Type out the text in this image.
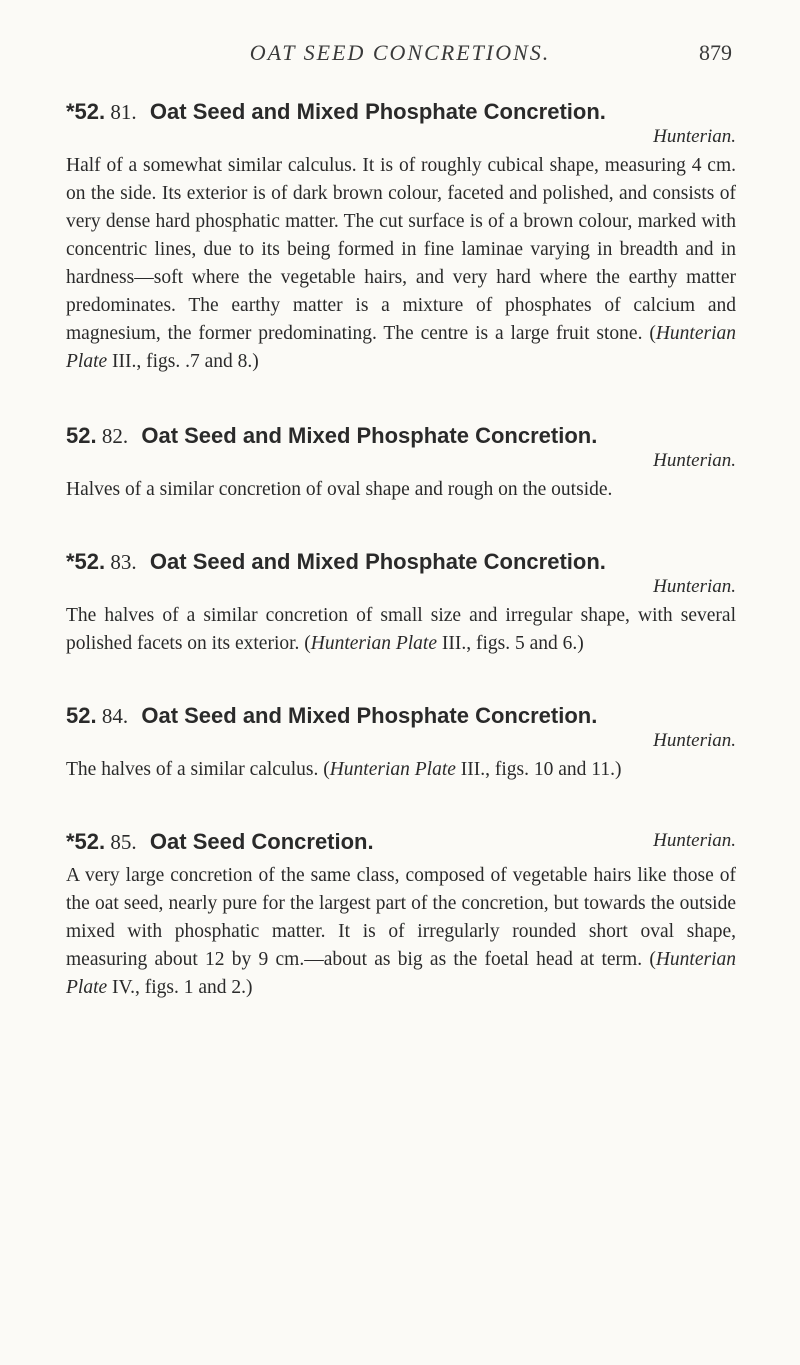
OAT SEED CONCRETIONS.	879
*52. 81. Oat Seed and Mixed Phosphate Concretion.
Hunterian.
Half of a somewhat similar calculus. It is of roughly cubical shape, measuring 4 cm. on the side. Its exterior is of dark brown colour, faceted and polished, and consists of very dense hard phosphatic matter. The cut surface is of a brown colour, marked with concentric lines, due to its being formed in fine laminae varying in breadth and in hardness—soft where the vegetable hairs, and very hard where the earthy matter predominates. The earthy matter is a mixture of phosphates of calcium and magnesium, the former predominating. The centre is a large fruit stone. (Hunterian Plate III., figs. .7 and 8.)
52. 82. Oat Seed and Mixed Phosphate Concretion.
Hunterian.
Halves of a similar concretion of oval shape and rough on the outside.
*52. 83. Oat Seed and Mixed Phosphate Concretion.
Hunterian.
The halves of a similar concretion of small size and irregular shape, with several polished facets on its exterior. (Hunterian Plate III., figs. 5 and 6.)
52. 84. Oat Seed and Mixed Phosphate Concretion.
Hunterian.
The halves of a similar calculus. (Hunterian Plate III., figs. 10 and 11.)
*52. 85. Oat Seed Concretion.	Hunterian.
A very large concretion of the same class, composed of vegetable hairs like those of the oat seed, nearly pure for the largest part of the concretion, but towards the outside mixed with phosphatic matter. It is of irregularly rounded short oval shape, measuring about 12 by 9 cm.—about as big as the foetal head at term. (Hunterian Plate IV., figs. 1 and 2.)
